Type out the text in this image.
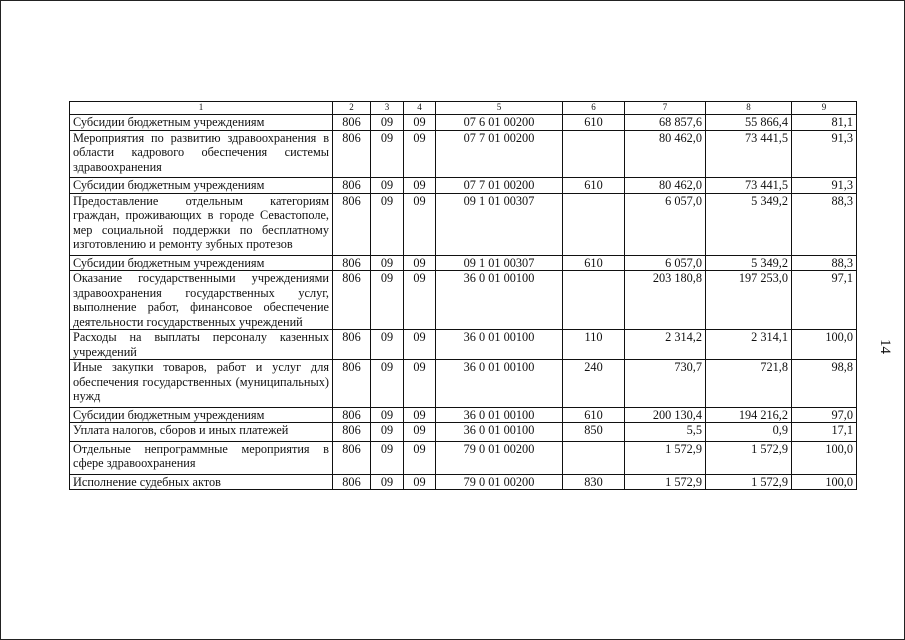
14
1	2	3	4	5	6	7	8	9
Субсидии бюджетным учреждениям	806	09	09	07 6 01 00200	610	68 857,6	55 866,4	81,1
Мероприятия по развитию здравоохранения в области кадрового обеспечения системы здравоохранения	806	09	09	07 7 01 00200		80 462,0	73 441,5	91,3
Субсидии бюджетным учреждениям	806	09	09	07 7 01 00200	610	80 462,0	73 441,5	91,3
Предоставление отдельным категориям граждан, проживающих в городе Севастополе, мер социальной поддержки по бесплатному изготовлению и ремонту зубных протезов	806	09	09	09 1 01 00307		6 057,0	5 349,2	88,3
Субсидии бюджетным учреждениям	806	09	09	09 1 01 00307	610	6 057,0	5 349,2	88,3
Оказание государственными учреждениями здравоохранения государственных услуг, выполнение работ, финансовое обеспечение деятельности государственных учреждений	806	09	09	36 0 01 00100		203 180,8	197 253,0	97,1
Расходы на выплаты персоналу казенных учреждений	806	09	09	36 0 01 00100	110	2 314,2	2 314,1	100,0
Иные закупки товаров, работ и услуг для обеспечения государственных (муниципальных) нужд	806	09	09	36 0 01 00100	240	730,7	721,8	98,8
Субсидии бюджетным учреждениям	806	09	09	36 0 01 00100	610	200 130,4	194 216,2	97,0
Уплата налогов, сборов и иных платежей	806	09	09	36 0 01 00100	850	5,5	0,9	17,1
Отдельные непрограммные мероприятия в сфере здравоохранения	806	09	09	79 0 01 00200		1 572,9	1 572,9	100,0
Исполнение судебных актов	806	09	09	79 0 01 00200	830	1 572,9	1 572,9	100,0
